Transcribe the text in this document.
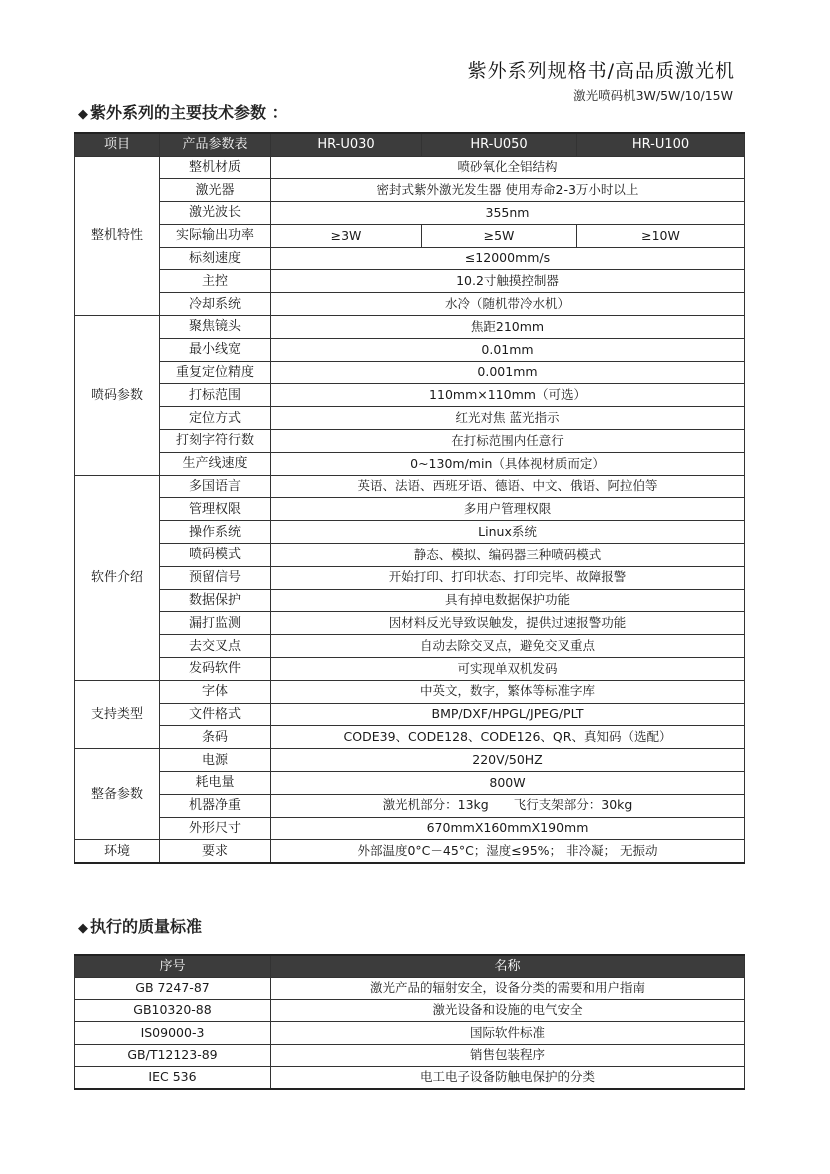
紫外系列规格书/高品质激光机
激光喷码机3W/5W/10/15W
◆ 紫外系列的主要技术参数 ：
项目	产品参数表	HR-U030	HR-U050	HR-U100
整机特性	整机材质	喷砂氧化全铝结构		
	激光器	密封式紫外激光发生器 使用寿命2-3万小时以上		
	激光波长	355nm		
	实际输出功率	≥3W	≥5W	≥10W
	标刻速度	≤12000mm/s		
	主控	10.2寸触摸控制器		
	冷却系统	水冷（随机带冷水机）		
喷码参数	聚焦镜头	焦距210mm		
	最小线宽	0.01mm		
	重复定位精度	0.001mm		
	打标范围	110mm×110mm（可选）		
	定位方式	红光对焦 蓝光指示		
	打刻字符行数	在打标范围内任意行		
	生产线速度	0~130m/min（具体视材质而定）		
软件介绍	多国语言	英语、法语、西班牙语、德语、中文、俄语、阿拉伯等		
	管理权限	多用户管理权限		
	操作系统	Linux系统		
	喷码模式	静态、模拟、编码器三种喷码模式		
	预留信号	开始打印、打印状态、打印完毕、故障报警		
	数据保护	具有掉电数据保护功能		
	漏打监测	因材料反光导致误触发，提供过速报警功能		
	去交叉点	自动去除交叉点，避免交叉重点		
	发码软件	可实现单双机发码		
支持类型	字体	中英文，数字，繁体等标准字库		
	文件格式	BMP/DXF/HPGL/JPEG/PLT		
	条码	CODE39、CODE128、CODE126、QR、真知码（选配）		
整备参数	电源	220V/50HZ		
	耗电量	800W		
	机器净重	激光机部分：13kg　　飞行支架部分：30kg		
	外形尺寸	670mmX160mmX190mm		
环境	要求	外部温度0°C－45°C；湿度≤95%； 非冷凝； 无振动		
◆ 执行的质量标准
序号	名称
GB 7247-87	激光产品的辐射安全，设备分类的需要和用户指南
GB10320-88	激光设备和设施的电气安全
IS09000-3	国际软件标准
GB/T12123-89	销售包装程序
IEC 536	电工电子设备防触电保护的分类
